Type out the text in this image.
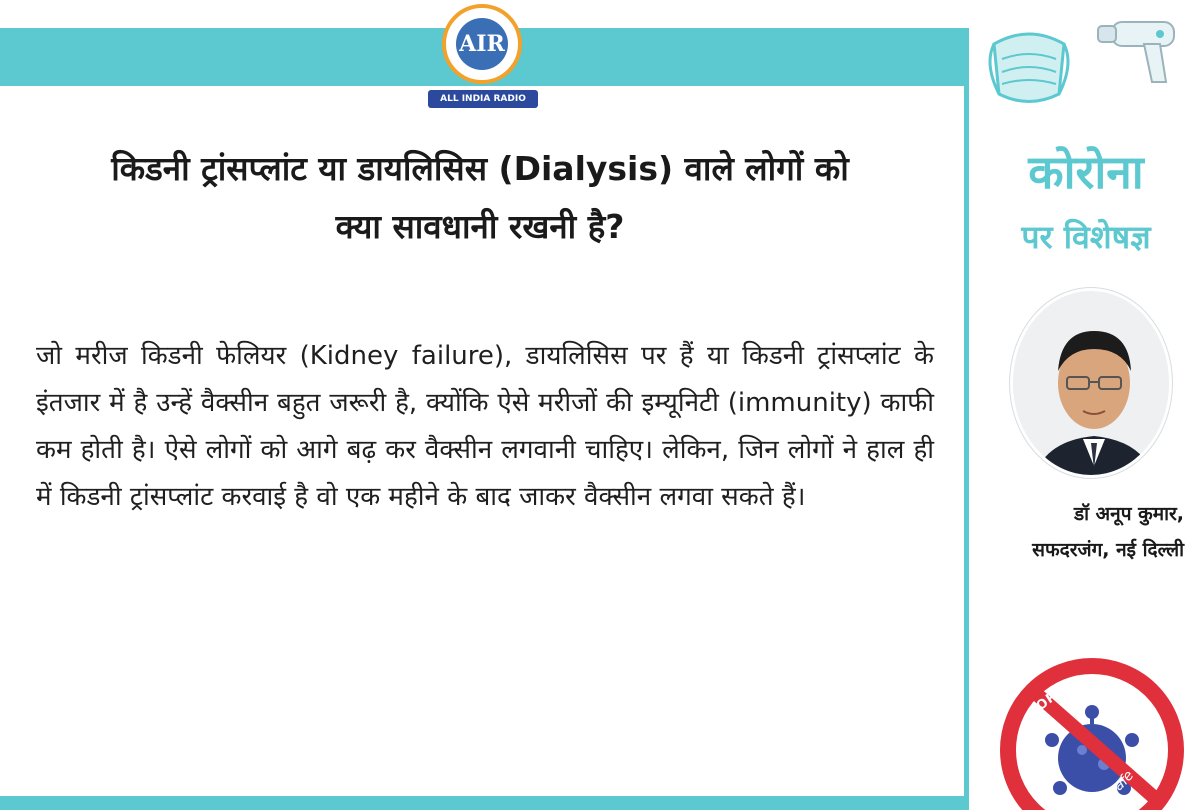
AIR
ALL INDIA RADIO NEWS
किडनी ट्रांसप्लांट या डायलिसिस (Dialysis) वाले लोगों को
क्या सावधानी रखनी है?
जो मरीज किडनी फेलियर (Kidney failure), डायलिसिस पर हैं या किडनी ट्रांसप्लांट के इंतजार में है उन्हें वैक्सीन बहुत जरूरी है, क्योंकि ऐसे मरीजों की इम्यूनिटी (immunity) काफी कम होती है। ऐसे लोगों को आगे बढ़ कर वैक्सीन लगवानी चाहिए। लेकिन, जिन लोगों ने हाल ही में किडनी ट्रांसप्लांट करवाई है वो एक महीने के बाद जाकर वैक्सीन लगवा सकते हैं।
कोरोना
पर विशेषज्ञ
डॉ अनूप कुमार,
सफदरजंग, नई दिल्ली
STOP CORONAVIRUS
Stay safe
